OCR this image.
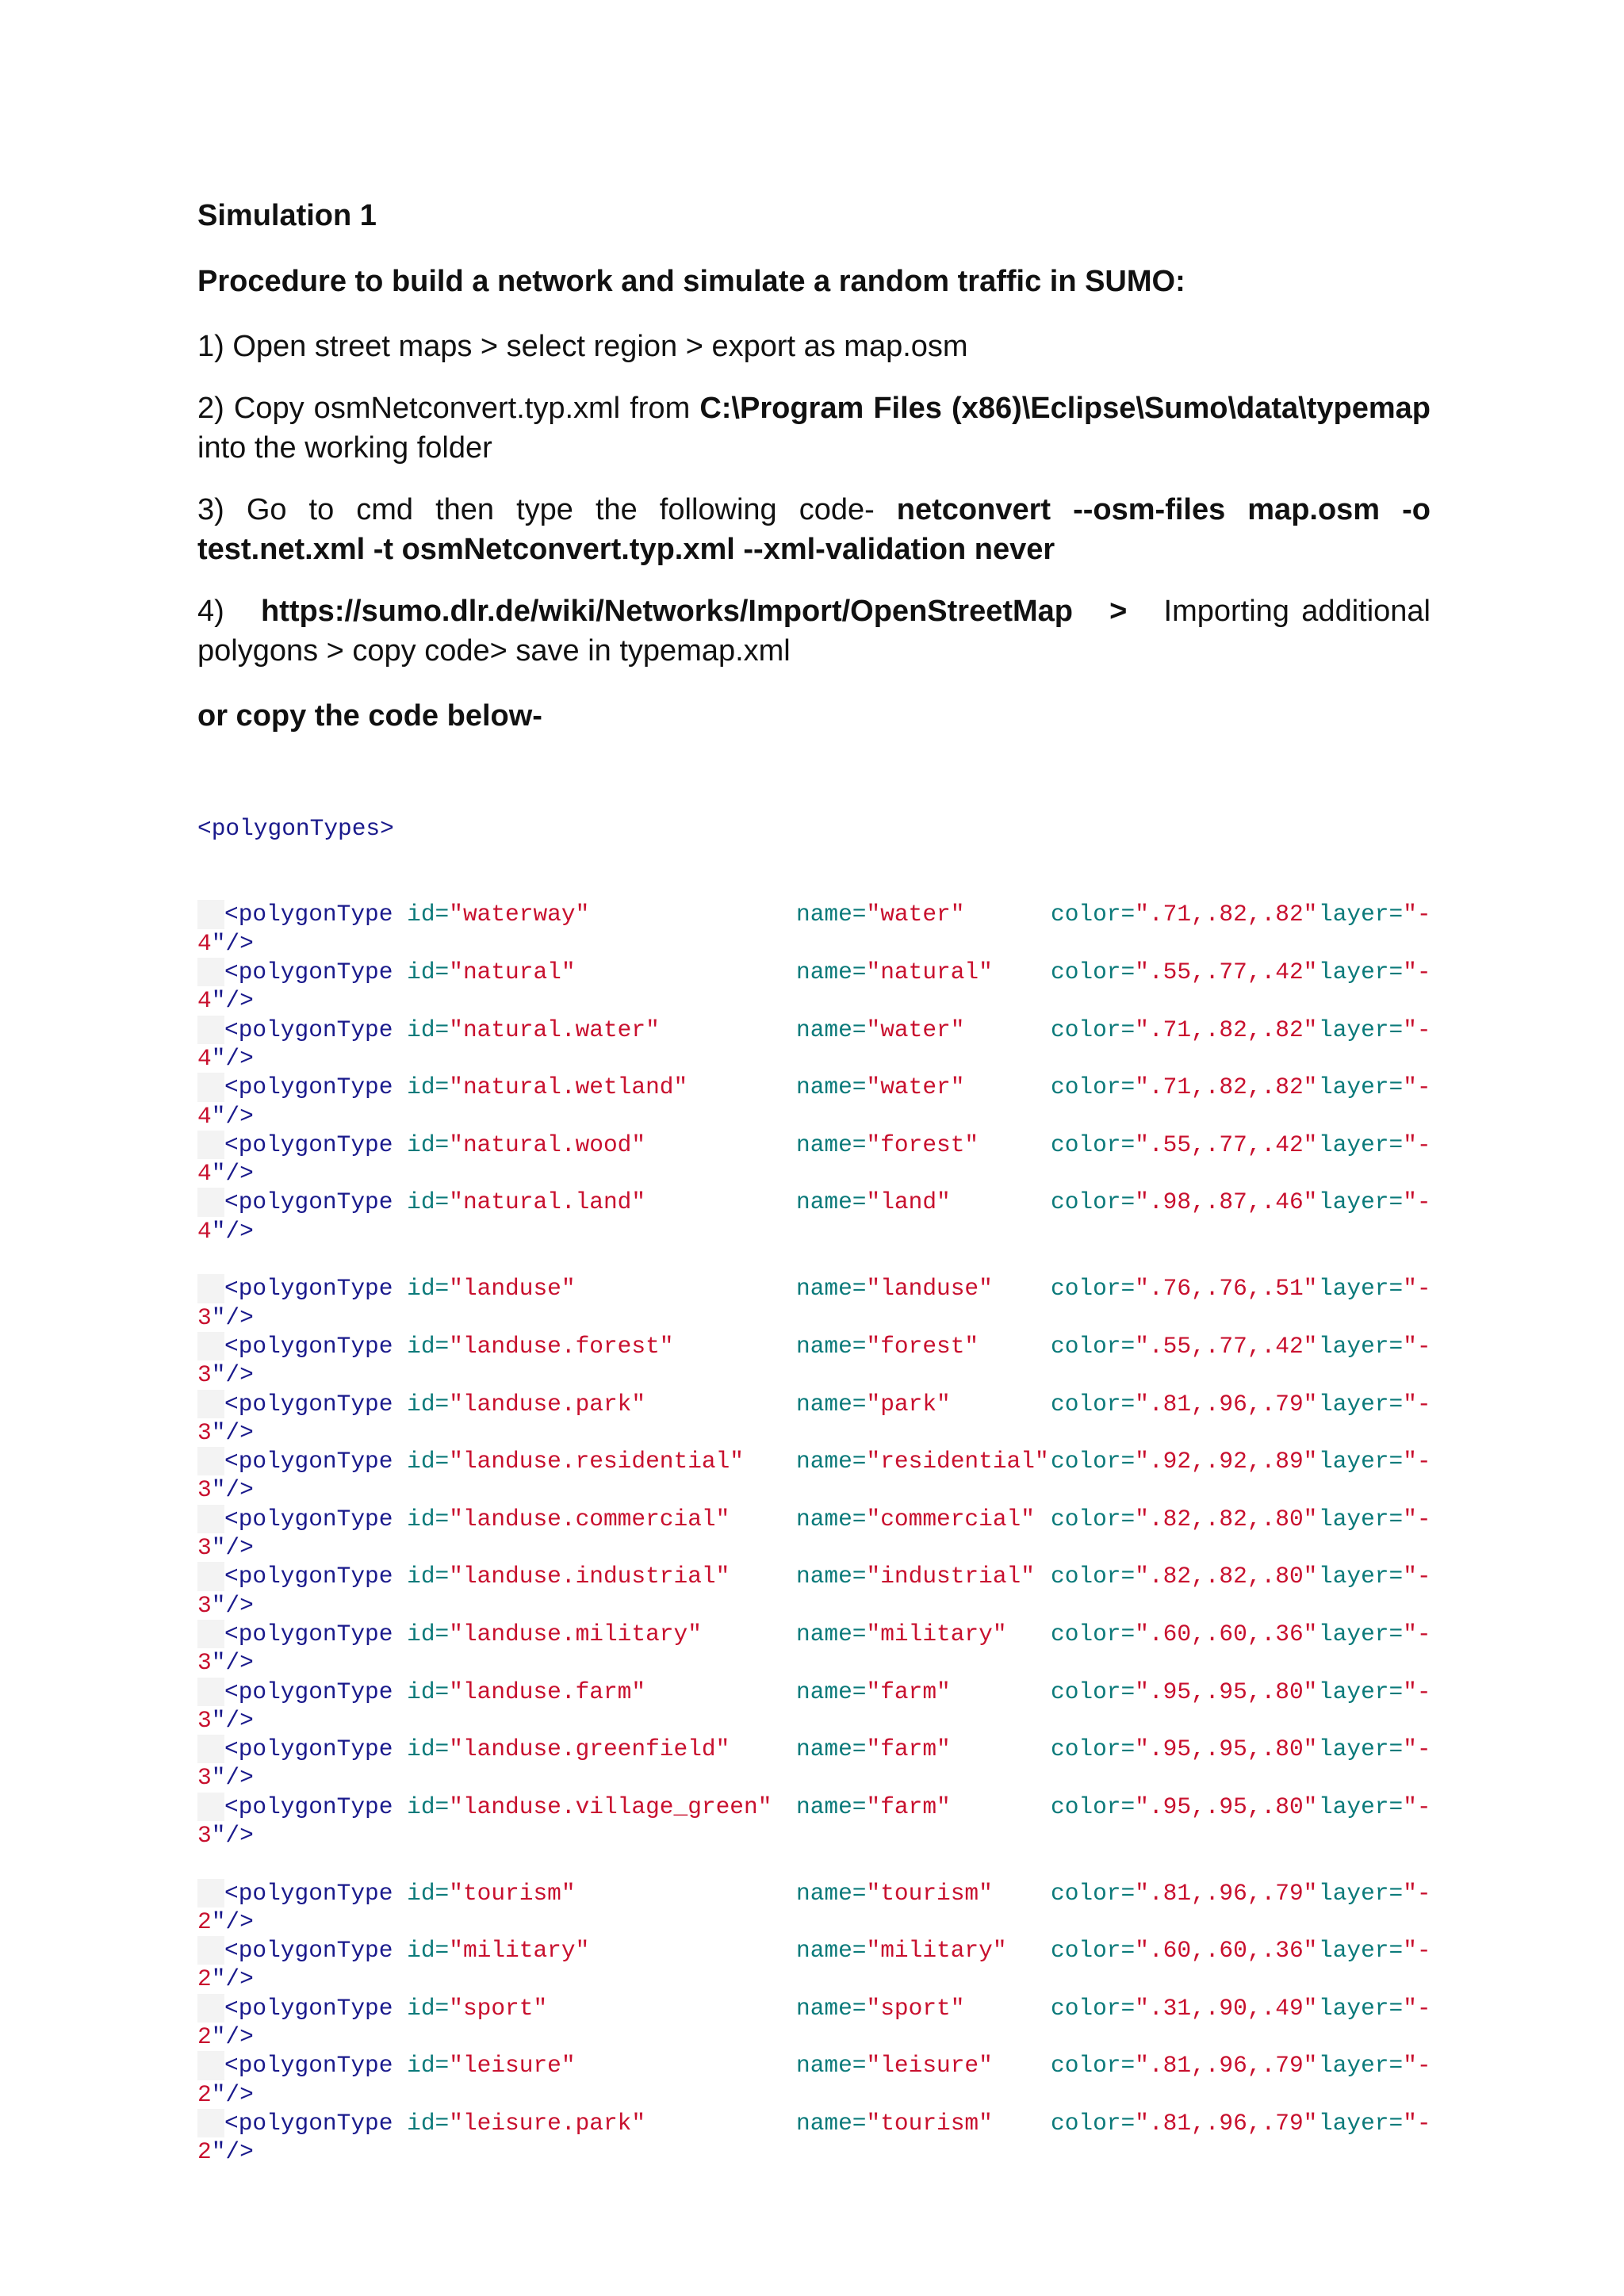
Simulation 1
Procedure to build a network and simulate a random traffic in SUMO:
1) Open street maps > select region > export as map.osm
2) Copy osmNetconvert.typ.xml from C:\Program Files (x86)\Eclipse\Sumo\data\typemap into the working folder
3) Go to cmd then type the following code- netconvert --osm-files map.osm -o test.net.xml -t osmNetconvert.typ.xml --xml-validation never
4) https://sumo.dlr.de/wiki/Networks/Import/OpenStreetMap > Importing additional polygons > copy code> save in typemap.xml
or copy the code below-

<polygonTypes>

<polygonType id="waterway"	name="water"	color=".71,.82,.82" layer="-
4"/>
<polygonType id="natural"	name="natural" color=".55,.77,.42" layer="-
4"/>
<polygonType id="natural.water"	name="water"	color=".71,.82,.82" layer="-
4"/>
<polygonType id="natural.wetland"	name="water"	color=".71,.82,.82" layer="-
4"/>
<polygonType id="natural.wood"	name="forest"	color=".55,.77,.42" layer="-
4"/>
<polygonType id="natural.land"	name="land"	color=".98,.87,.46" layer="-
4"/>
<polygonType id="landuse"	name="landuse" color=".76,.76,.51" layer="-
3"/>
<polygonType id="landuse.forest"	name="forest"	color=".55,.77,.42" layer="-
3"/>
<polygonType id="landuse.park"	name="park"	color=".81,.96,.79" layer="-
3"/>
<polygonType id="landuse.residential" name="residential" color=".92,.92,.89" layer="-
3"/>
<polygonType id="landuse.commercial"	name="commercial" color=".82,.82,.80" layer="-
3"/>
<polygonType id="landuse.industrial"	name="industrial" color=".82,.82,.80" layer="-
3"/>
<polygonType id="landuse.military"	name="military" color=".60,.60,.36" layer="-
3"/>
<polygonType id="landuse.farm"	name="farm"	color=".95,.95,.80" layer="-
3"/>
<polygonType id="landuse.greenfield"	name="farm"	color=".95,.95,.80" layer="-
3"/>
<polygonType id="landuse.village_green" name="farm"	color=".95,.95,.80" layer="-
3"/>
<polygonType id="tourism"	name="tourism" color=".81,.96,.79" layer="-
2"/>
<polygonType id="military"	name="military" color=".60,.60,.36" layer="-
2"/>
<polygonType id="sport"	name="sport"	color=".31,.90,.49" layer="-
2"/>
<polygonType id="leisure"	name="leisure" color=".81,.96,.79" layer="-
2"/>
<polygonType id="leisure.park"	name="tourism" color=".81,.96,.79" layer="-
2"/>
